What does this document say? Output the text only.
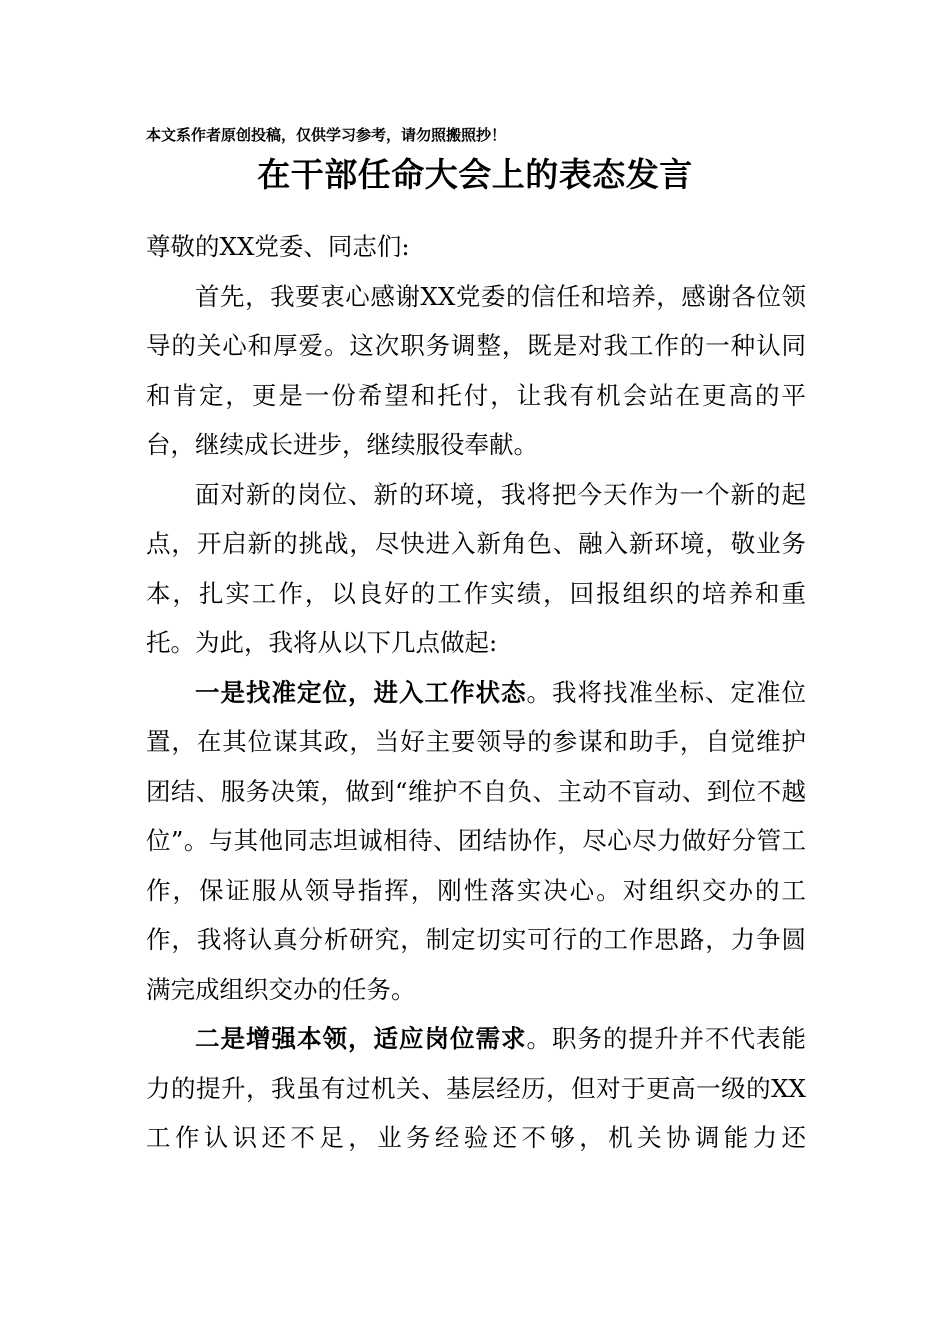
本文系作者原创投稿，仅供学习参考，请勿照搬照抄！
在干部任命大会上的表态发言

尊敬的XX党委、同志们:

首先，我要衷心感谢XX党委的信任和培养，感谢各位领导的关心和厚爱。这次职务调整，既是对我工作的一种认同和肯定，更是一份希望和托付，让我有机会站在更高的平台，继续成长进步，继续服役奉献。

面对新的岗位、新的环境，我将把今天作为一个新的起点，开启新的挑战，尽快进入新角色、融入新环境，敬业务本，扎实工作，以良好的工作实绩，回报组织的培养和重托。为此，我将从以下几点做起:

一是找准定位，进入工作状态。我将找准坐标、定准位置，在其位谋其政，当好主要领导的参谋和助手，自觉维护团结、服务决策，做到“维护不自负、主动不盲动、到位不越位”。与其他同志坦诚相待、团结协作，尽心尽力做好分管工作，保证服从领导指挥，刚性落实决心。对组织交办的工作，我将认真分析研究，制定切实可行的工作思路，力争圆满完成组织交办的任务。

二是增强本领，适应岗位需求。职务的提升并不代表能力的提升，我虽有过机关、基层经历，但对于更高一级的XX工作认识还不足，业务经验还不够，机关协调能力还
